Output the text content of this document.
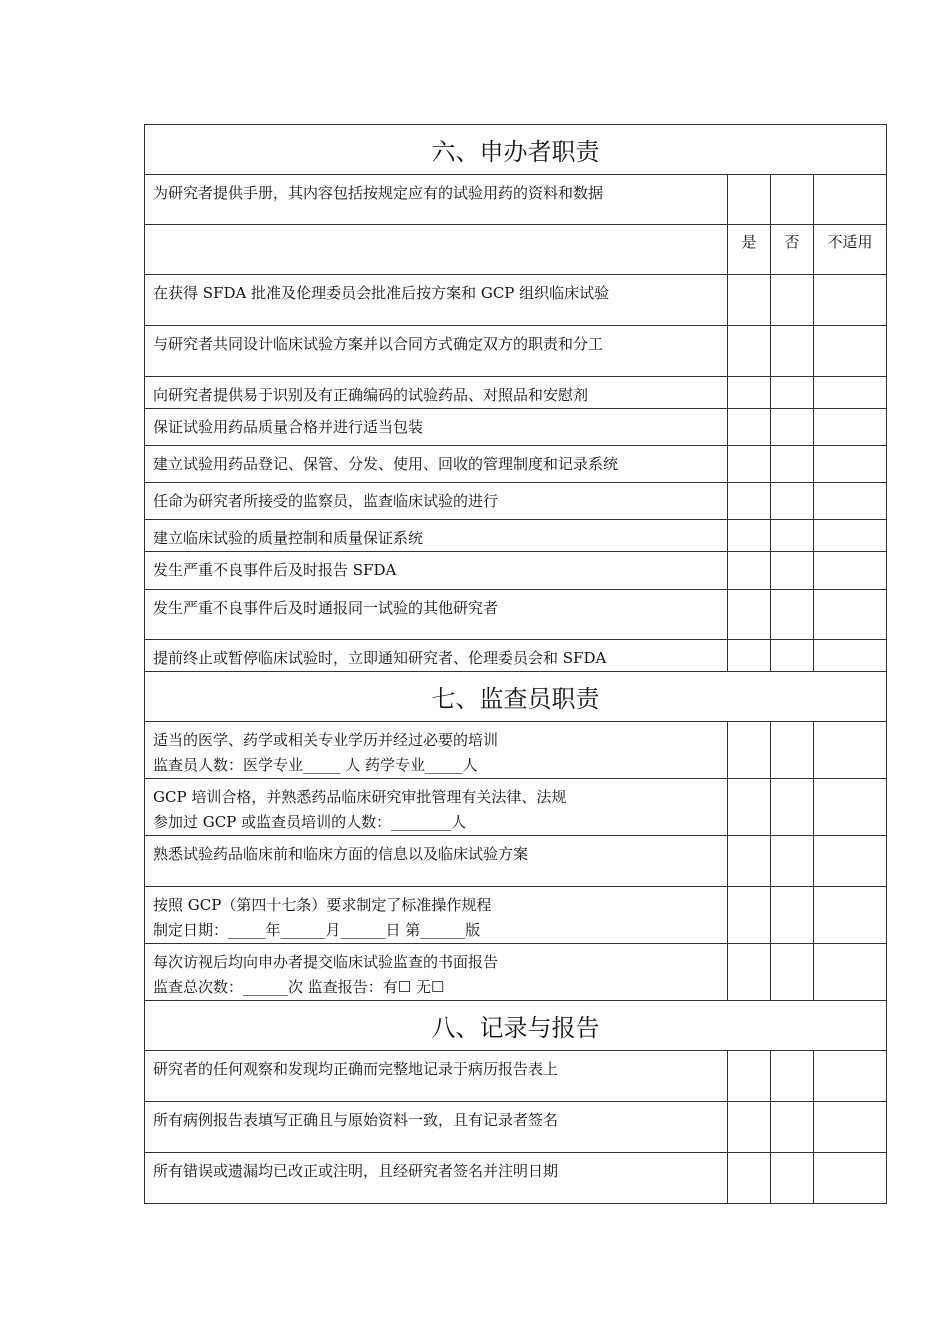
六、申办者职责			

为研究者提供手册，其内容包括按规定应有的试验用药的资料和数据			

	是	否	不适用

在获得 SFDA 批准及伦理委员会批准后按方案和 GCP 组织临床试验			

与研究者共同设计临床试验方案并以合同方式确定双方的职责和分工			

向研究者提供易于识别及有正确编码的试验药品、对照品和安慰剂			

保证试验用药品质量合格并进行适当包装			

建立试验用药品登记、保管、分发、使用、回收的管理制度和记录系统			

任命为研究者所接受的监察员，监查临床试验的进行			

建立临床试验的质量控制和质量保证系统			

发生严重不良事件后及时报告 SFDA			

发生严重不良事件后及时通报同一试验的其他研究者			

提前终止或暂停临床试验时，立即通知研究者、伦理委员会和 SFDA			

七、监查员职责			

适当的医学、药学或相关专业学历并经过必要的培训
监查员人数：医学专业_____ 人 药学专业_____人			

GCP 培训合格，并熟悉药品临床研究审批管理有关法律、法规
参加过 GCP 或监查员培训的人数：________人			

熟悉试验药品临床前和临床方面的信息以及临床试验方案			

按照 GCP（第四十七条）要求制定了标准操作规程
制定日期：_____年______月______日 第______版			

每次访视后均向申办者提交临床试验监查的书面报告
监查总次数：______次 监查报告：有☐ 无☐			

八、记录与报告			

研究者的任何观察和发现均正确而完整地记录于病历报告表上			

所有病例报告表填写正确且与原始资料一致，且有记录者签名			

所有错误或遗漏均已改正或注明，且经研究者签名并注明日期			
